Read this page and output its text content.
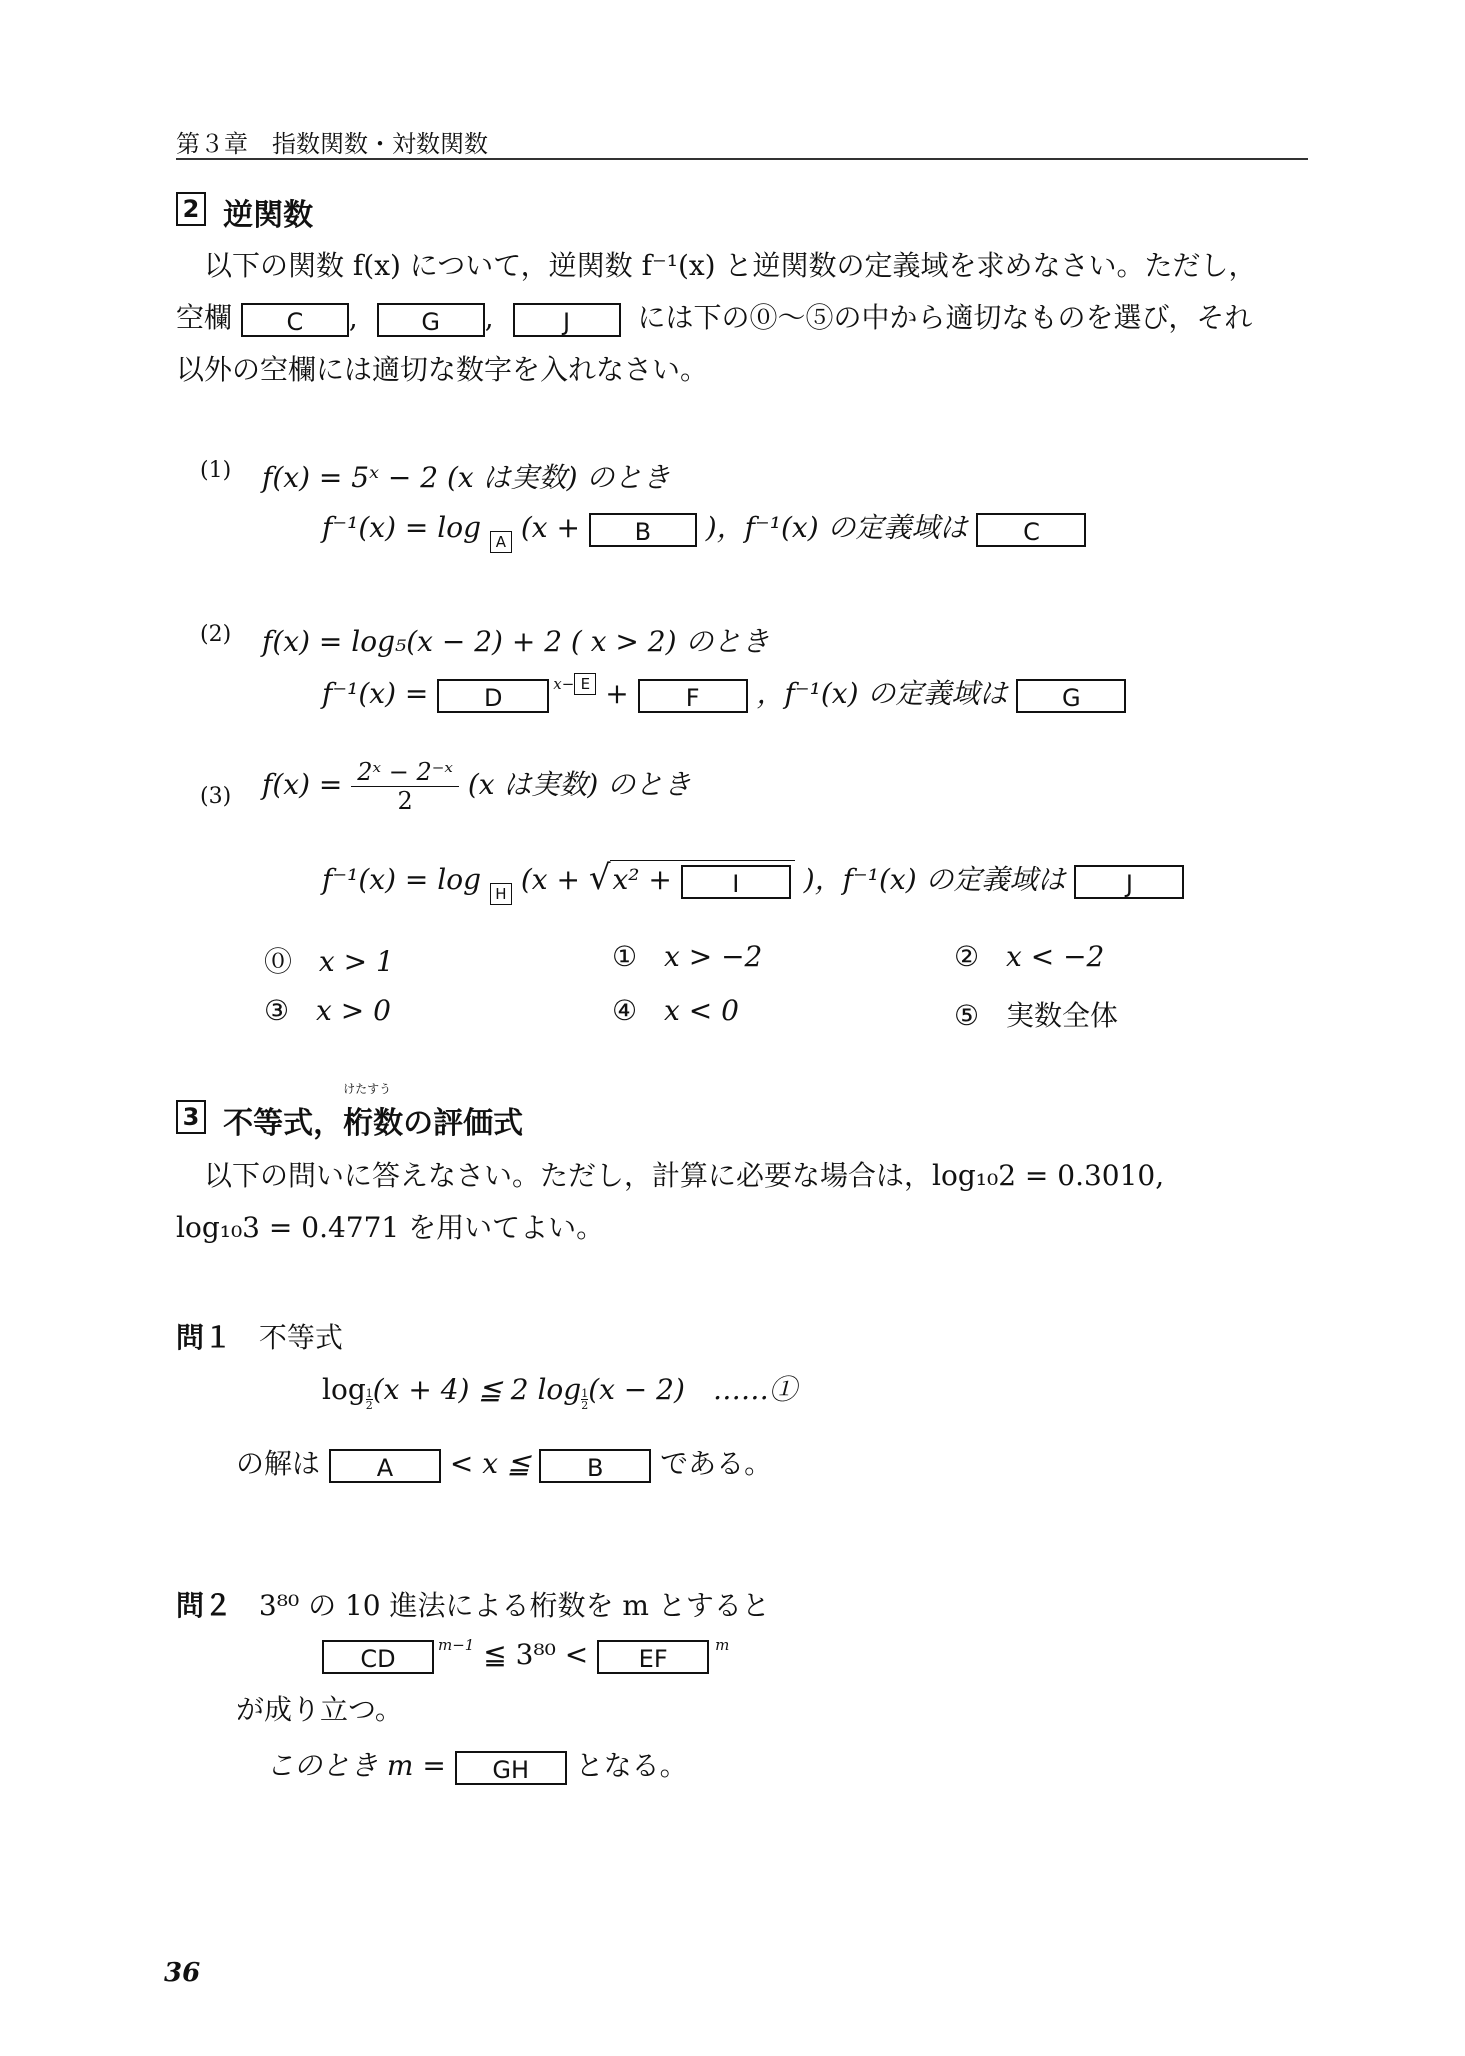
第３章　指数関数・対数関数
2 逆関数
以下の関数 f(x) について，逆関数 f⁻¹(x) と逆関数の定義域を求めなさい。ただし，
空欄 C , G ,	J には下の⓪～⑤の中から適切なものを選び，それ
以外の空欄には適切な数字を入れなさい。
(1) f(x) = 5ˣ − 2 (x は実数) のとき
f⁻¹(x) = log A (x + B )，f⁻¹(x) の定義域は C
(2) f(x) = log₅(x − 2) + 2 ( x > 2) のとき
f⁻¹(x) = D	$^{x-}$ E + F ，f⁻¹(x) の定義域は G
(3) $f(x) = \frac{\text{2ˣ − 2⁻ˣ}}{2} (x$ は実数) のとき
f⁻¹(x) = log H (x + √x² +	I )，f⁻¹(x) の定義域は	J
⓪ x > 1	① x > −2	② x < −2
③ x > 0	④ x < 0	⑤ 実数全体
3 不等式，
けたすう
桁数の評価式
以下の問いに答えなさい。ただし，計算に必要な場合は，log₁₀2 = 0.3010,
log₁₀3 = 0.4771 を用いてよい。
問１ 不等式
$\log \frac{1}{2} (x + 4)$ ≦ 2 $\log \frac{1}{2} (x - 2)$　……①
の解は A < x ≦ B である。
問２ 3⁸⁰ の 10 進法による桁数を m とすると
CD	$^{m-1}$ ≦ 3⁸⁰ < EF	$^m$
が成り立つ。
このとき m = GH となる。
36
